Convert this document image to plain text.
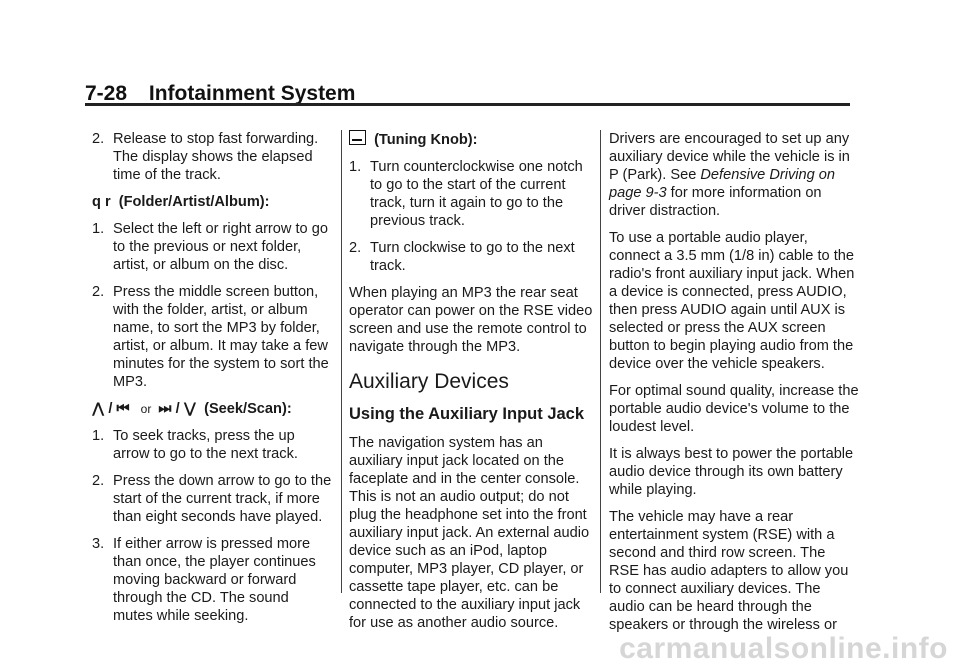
7-28 Infotainment System
2. Release to stop fast forwarding. The display shows the elapsed time of the track.
q r (Folder/Artist/Album):
1. Select the left or right arrow to go to the previous or next folder, artist, or album on the disc.
2. Press the middle screen button, with the folder, artist, or album name, to sort the MP3 by folder, artist, or album. It may take a few minutes for the system to sort the MP3.
⋀ / ⏮ or ⏭ / ⋁ (Seek/Scan):
1. To seek tracks, press the up arrow to go to the next track.
2. Press the down arrow to go to the start of the current track, if more than eight seconds have played.
3. If either arrow is pressed more than once, the player continues moving backward or forward through the CD. The sound mutes while seeking.
(Tuning Knob):
1. Turn counterclockwise one notch to go to the start of the current track, turn it again to go to the previous track.
2. Turn clockwise to go to the next track.

When playing an MP3 the rear seat operator can power on the RSE video screen and use the remote control to navigate through the MP3.

Auxiliary Devices
Using the Auxiliary Input Jack

The navigation system has an auxiliary input jack located on the faceplate and in the center console. This is not an audio output; do not plug the headphone set into the front auxiliary input jack. An external audio device such as an iPod, laptop computer, MP3 player, CD player, or cassette tape player, etc. can be connected to the auxiliary input jack for use as another audio source.

Drivers are encouraged to set up any auxiliary device while the vehicle is in P (Park). See Defensive Driving on page 9-3 for more information on driver distraction.

To use a portable audio player, connect a 3.5 mm (1/8 in) cable to the radio's front auxiliary input jack. When a device is connected, press AUDIO, then press AUDIO again until AUX is selected or press the AUX screen button to begin playing audio from the device over the vehicle speakers.

For optimal sound quality, increase the portable audio device's volume to the loudest level.

It is always best to power the portable audio device through its own battery while playing.

The vehicle may have a rear entertainment system (RSE) with a second and third row screen. The RSE has audio adapters to allow you to connect auxiliary devices. The audio can be heard through the speakers or through the wireless or

carmanualsonline.info
